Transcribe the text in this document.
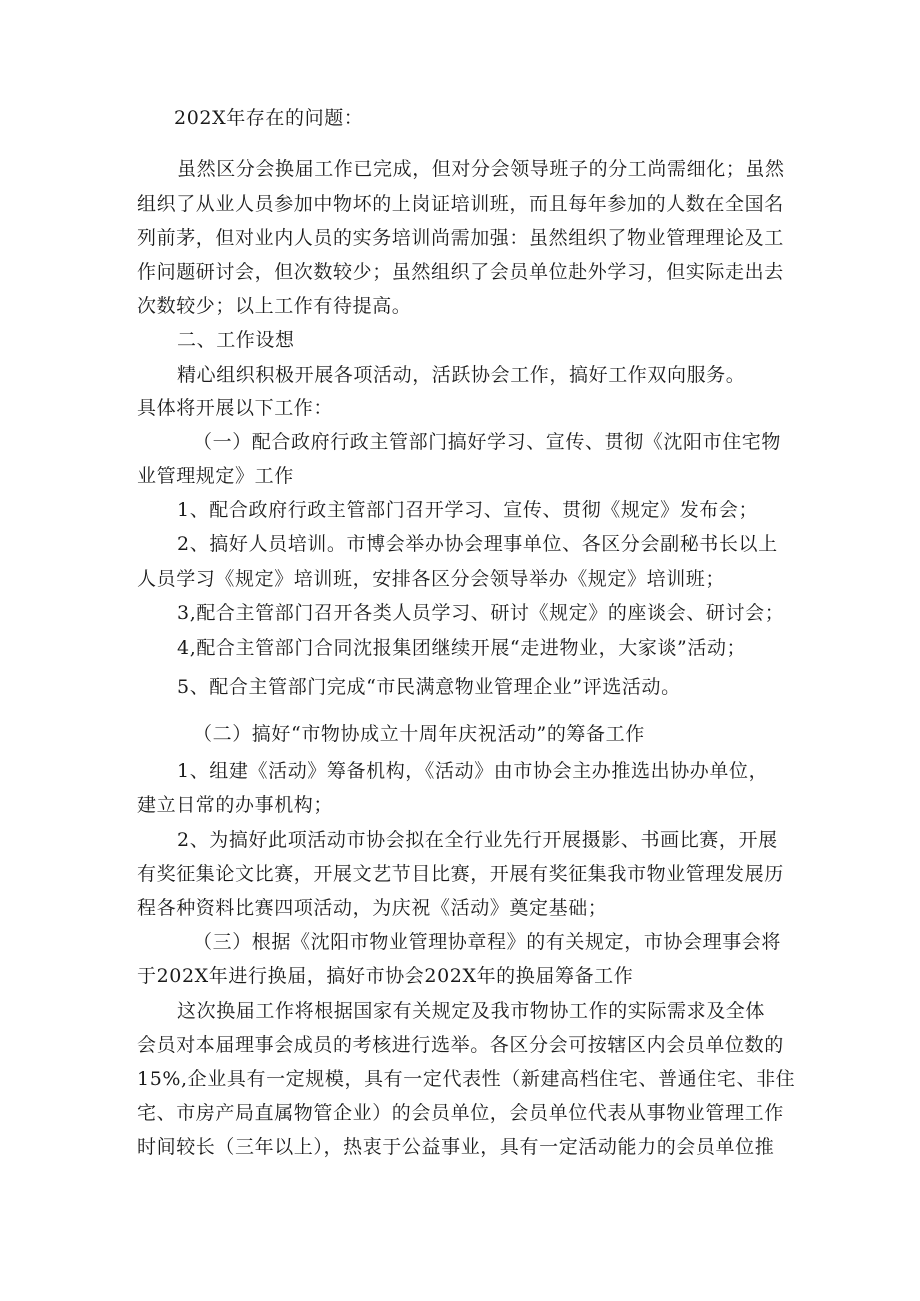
202X年存在的问题：
虽然区分会换届工作已完成，但对分会领导班子的分工尚需细化；虽然
组织了从业人员参加中物坏的上岗证培训班，而且每年参加的人数在全国名
列前茅，但对业内人员的实务培训尚需加强：虽然组织了物业管理理论及工
作问题研讨会，但次数较少；虽然组织了会员单位赴外学习，但实际走出去
次数较少；以上工作有待提高。
二、工作设想
精心组织积极开展各项活动，活跃协会工作，搞好工作双向服务。
具体将开展以下工作：
（一）配合政府行政主管部门搞好学习、宣传、贯彻《沈阳市住宅物
业管理规定》工作
1、配合政府行政主管部门召开学习、宣传、贯彻《规定》发布会；
2、搞好人员培训。市博会举办协会理事单位、各区分会副秘书长以上
人员学习《规定》培训班，安排各区分会领导举办《规定》培训班；
3,配合主管部门召开各类人员学习、研讨《规定》的座谈会、研讨会；
4,配合主管部门合同沈报集团继续开展“走进物业，大家谈”活动；
5、配合主管部门完成“市民满意物业管理企业”评选活动。
（二）搞好“市物协成立十周年庆祝活动”的筹备工作
1、组建《活动》筹备机构，《活动》由市协会主办推选出协办单位，
建立日常的办事机构；
2、为搞好此项活动市协会拟在全行业先行开展摄影、书画比赛，开展
有奖征集论文比赛，开展文艺节目比赛，开展有奖征集我市物业管理发展历
程各种资料比赛四项活动，为庆祝《活动》奠定基础；
（三）根据《沈阳市物业管理协章程》的有关规定，市协会理事会将
于202X年进行换届，搞好市协会202X年的换届筹备工作
这次换届工作将根据国家有关规定及我市物协工作的实际需求及全体
会员对本届理事会成员的考核进行选举。各区分会可按辖区内会员单位数的
15%,企业具有一定规模，具有一定代表性（新建高档住宅、普通住宅、非住
宅、市房产局直属物管企业）的会员单位，会员单位代表从事物业管理工作
时间较长（三年以上），热衷于公益事业，具有一定活动能力的会员单位推
